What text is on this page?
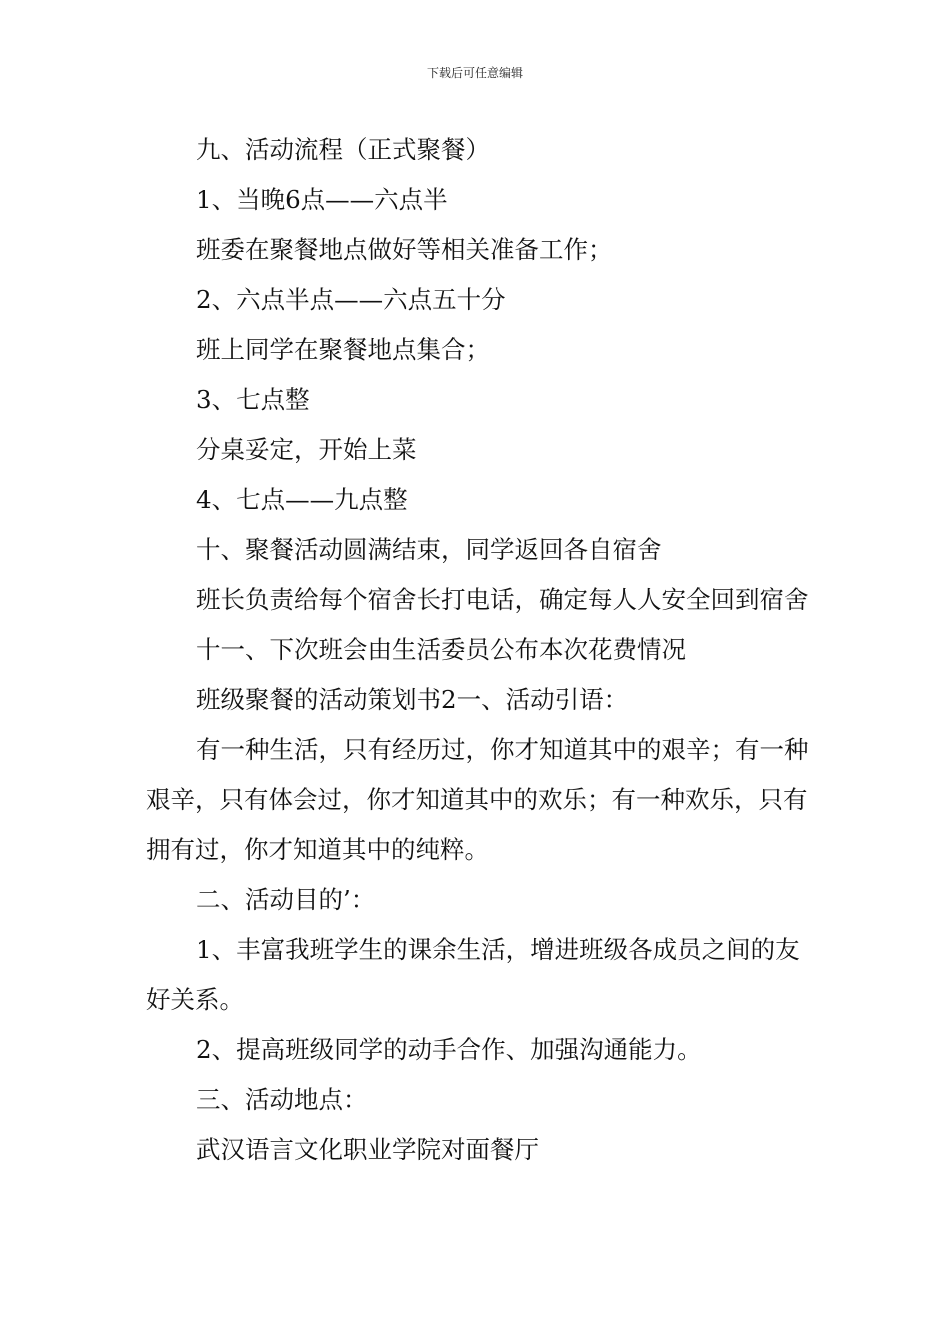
下载后可任意编辑

九、活动流程（正式聚餐）

1、当晚6点——六点半

班委在聚餐地点做好等相关准备工作；

2、六点半点——六点五十分

班上同学在聚餐地点集合；

3、七点整

分桌妥定，开始上菜

4、七点——九点整

十、聚餐活动圆满结束，同学返回各自宿舍

班长负责给每个宿舍长打电话，确定每人人安全回到宿舍

十一、下次班会由生活委员公布本次花费情况

班级聚餐的活动策划书2一、活动引语：

有一种生活，只有经历过，你才知道其中的艰辛；有一种艰辛，只有体会过，你才知道其中的欢乐；有一种欢乐，只有拥有过，你才知道其中的纯粹。

二、活动目的’：

1、丰富我班学生的课余生活，增进班级各成员之间的友好关系。

2、提高班级同学的动手合作、加强沟通能力。

三、活动地点：

武汉语言文化职业学院对面餐厅
